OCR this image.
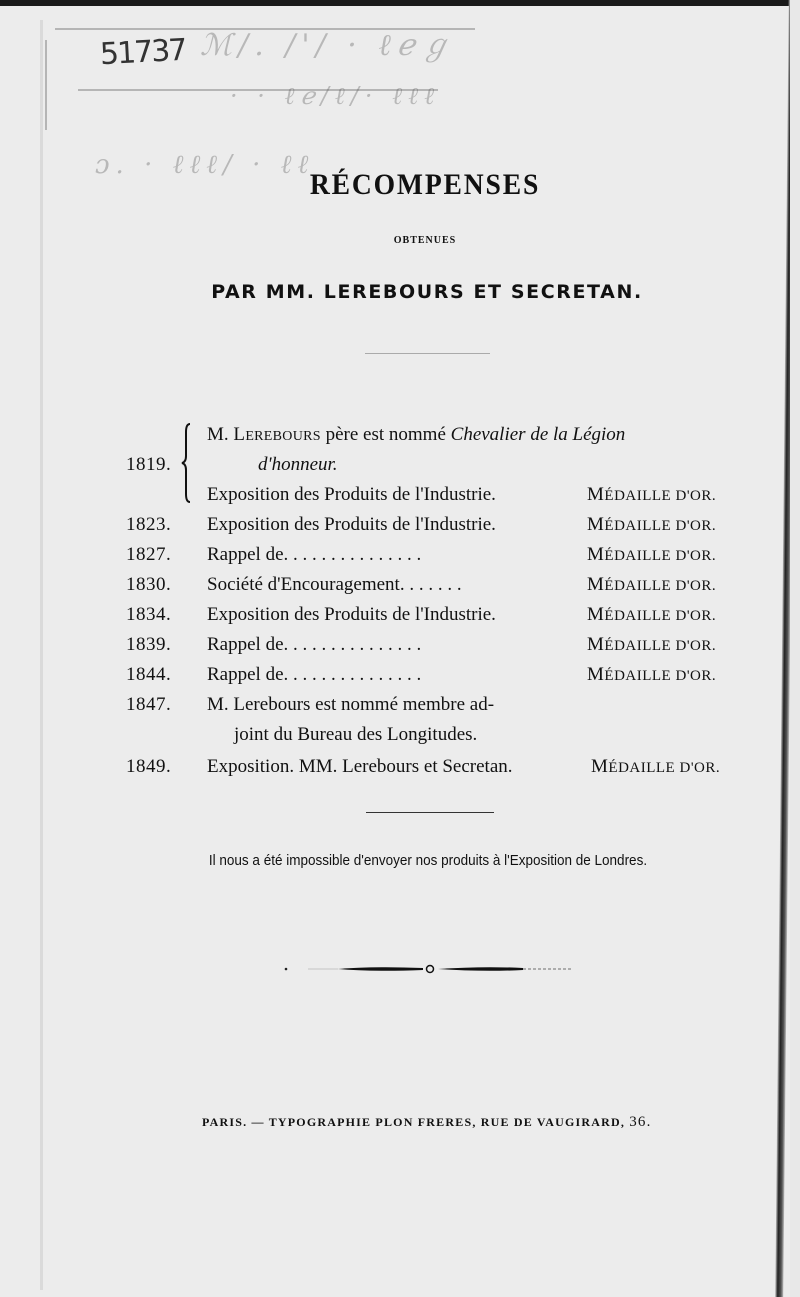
ℳ/. /'/ · ℓℯℊ
· · ℓℯ/ℓ/· ℓℓℓ
ɔ. · ℓℓℓ/ · ℓℓ
51737
RÉCOMPENSES
OBTENUES
PAR MM. LEREBOURS ET SECRETAN.
M. LEREBOURS père est nommé Chevalier de la Légion
1819.	d'honneur.
Exposition des Produits de l'Industrie.	MÉDAILLE D'OR.
1823. Exposition des Produits de l'Industrie.	MÉDAILLE D'OR.
1827. Rappel de. . . . . . . . . . . . . . .	MÉDAILLE D'OR.
1830. Société d'Encouragement. . . . . . .	MÉDAILLE D'OR.
1834. Exposition des Produits de l'Industrie.	MÉDAILLE D'OR.
1839. Rappel de. . . . . . . . . . . . . . .	MÉDAILLE D'OR.
1844. Rappel de. . . . . . . . . . . . . . .	MÉDAILLE D'OR.
1847. M. Lerebours est nommé membre ad-
joint du Bureau des Longitudes.
1849. Exposition. MM. Lerebours et Secretan.	MÉDAILLE D'OR.
Il nous a été impossible d'envoyer nos produits à l'Exposition de Londres.
PARIS. — TYPOGRAPHIE PLON FRERES, RUE DE VAUGIRARD, 36.
